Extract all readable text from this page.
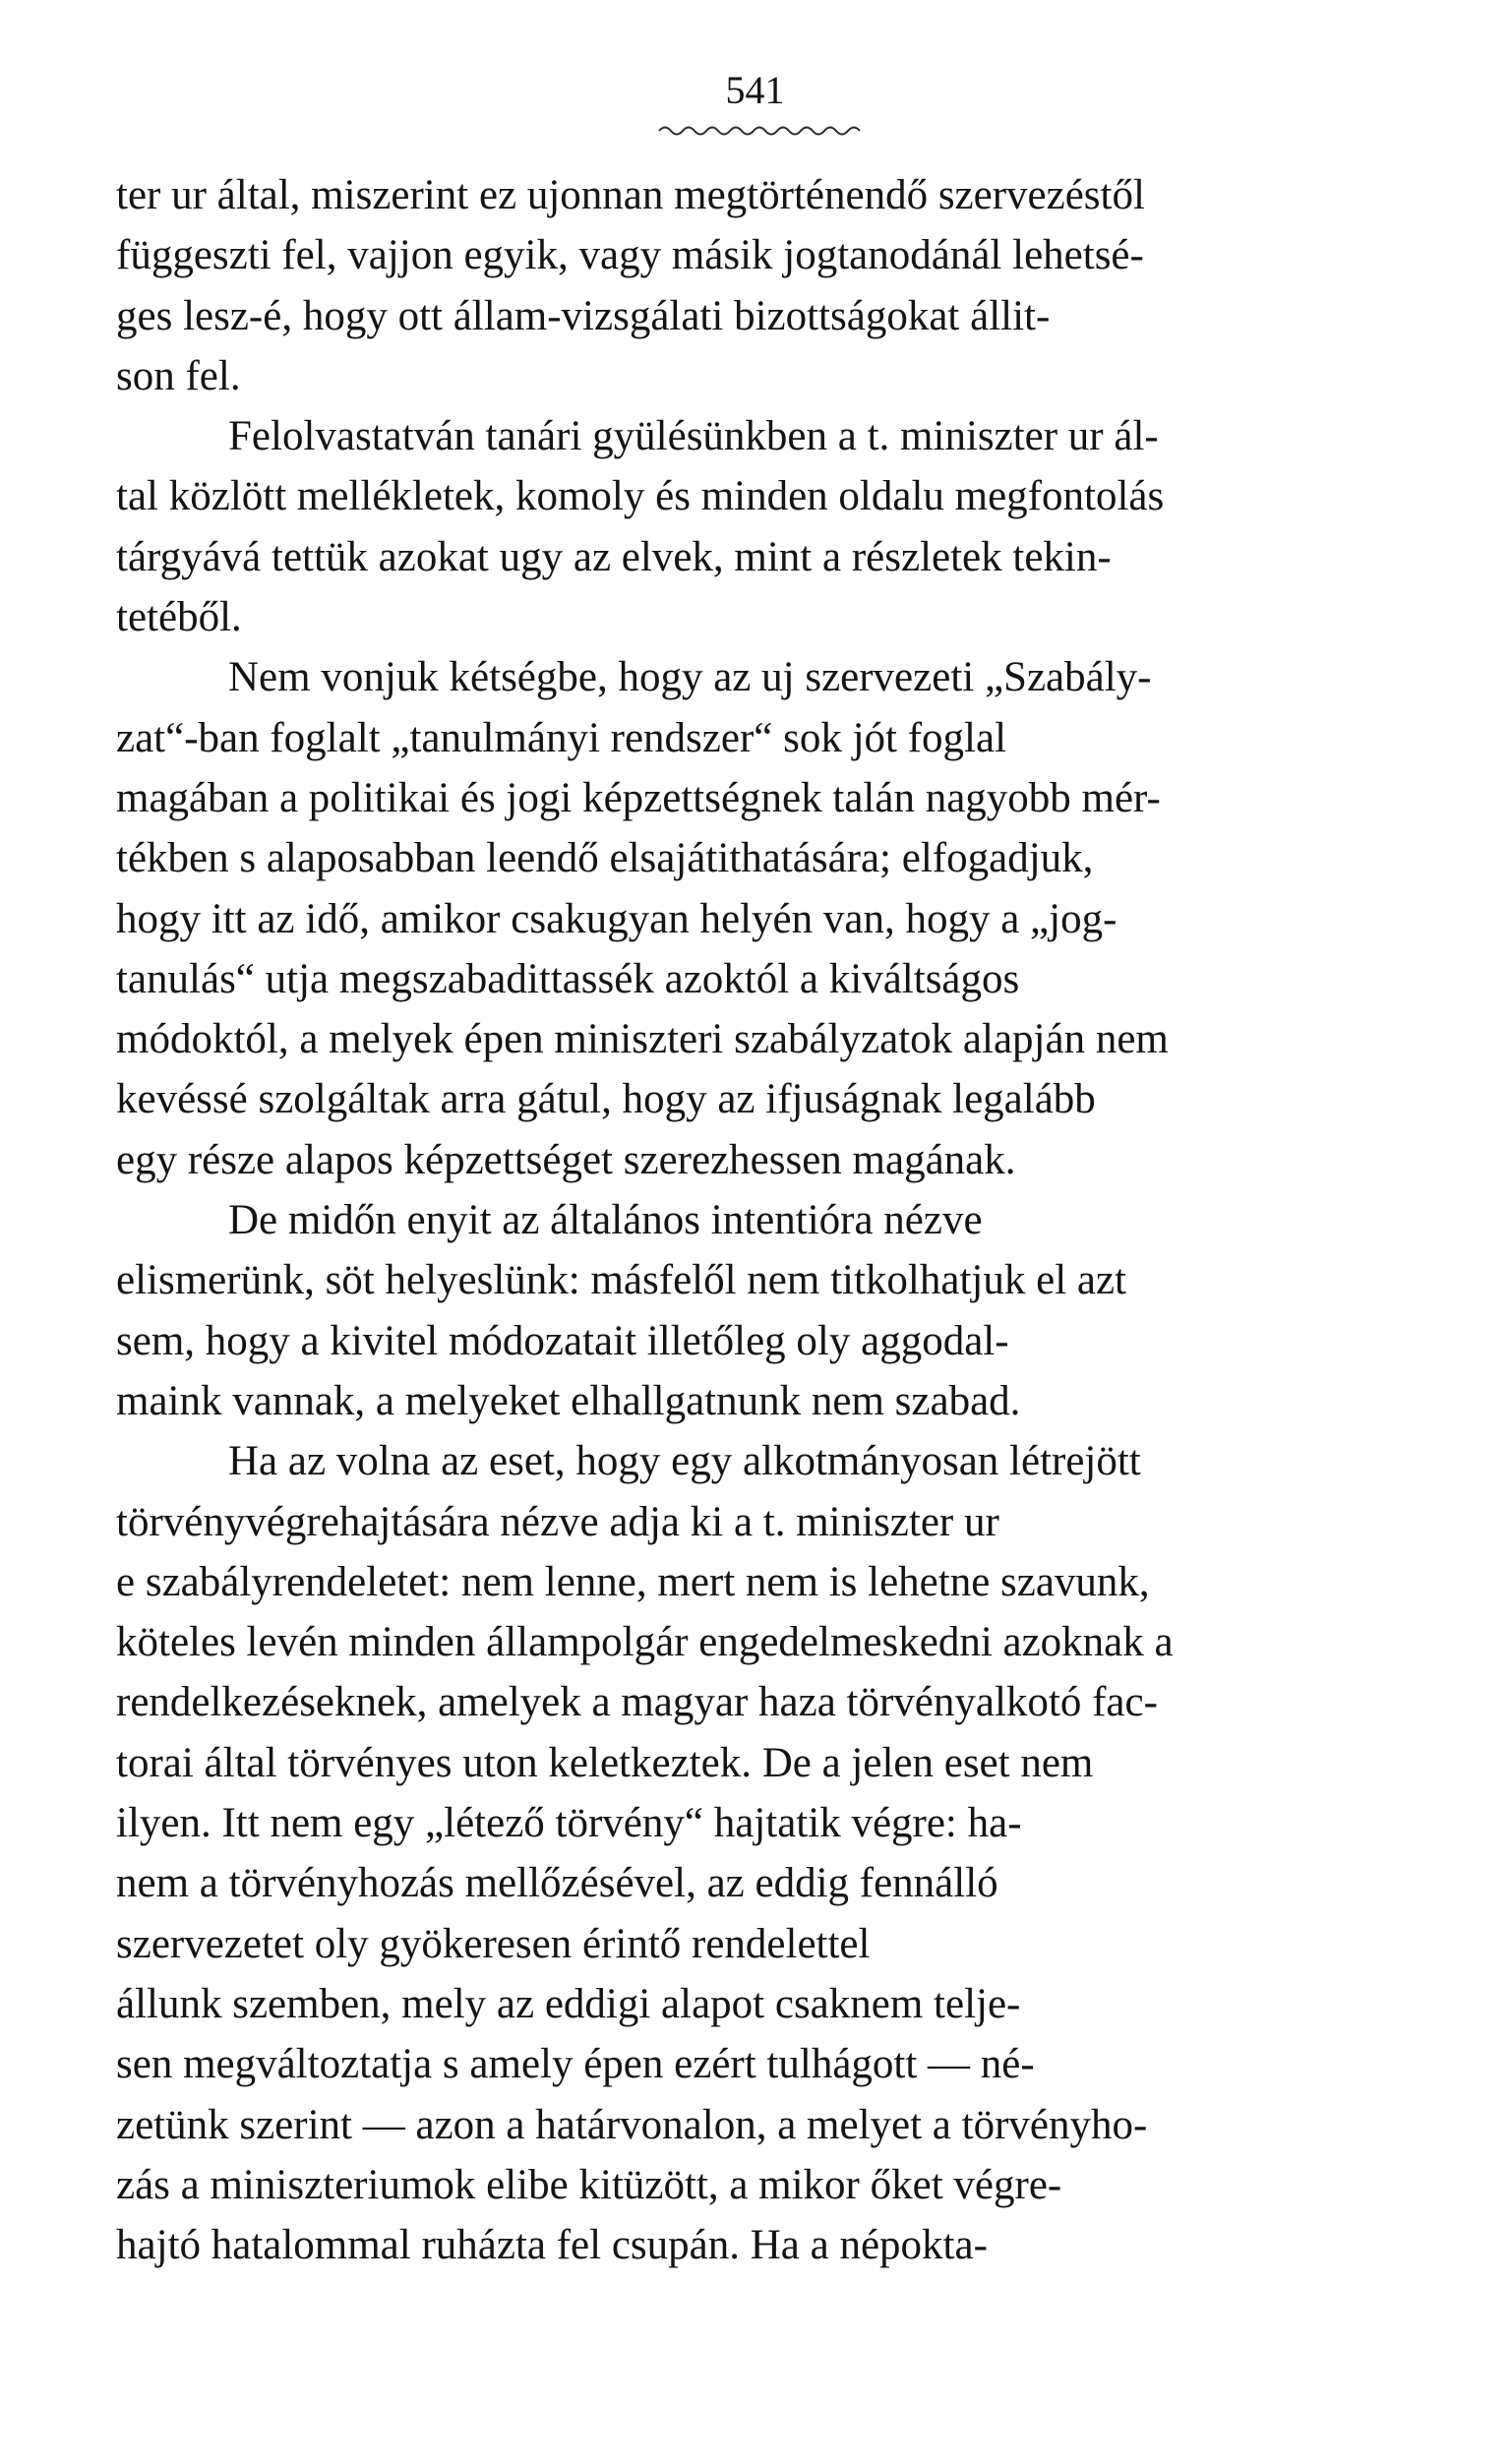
541

ter ur által, miszerint ez ujonnan megtörténendő szervezéstől
függeszti fel, vajjon egyik, vagy másik jogtanodánál lehetsé-
ges lesz-é, hogy ott állam-vizsgálati bizottságokat állit-
son fel.

Felolvastatván tanári gyülésünkben a t. miniszter ur ál-
tal közlött mellékletek, komoly és minden oldalu megfontolás
tárgyává tettük azokat ugy az elvek, mint a részletek tekin-
tetéből.

Nem vonjuk kétségbe, hogy az uj szervezeti „Szabály-
zat“-ban foglalt „tanulmányi rendszer“ sok jót foglal
magában a politikai és jogi képzettségnek talán nagyobb mér-
tékben s alaposabban leendő elsajátithatására; elfogadjuk,
hogy itt az idő, amikor csakugyan helyén van, hogy a „jog-
tanulás“ utja megszabadittassék azoktól a kiváltságos
módoktól, a melyek épen miniszteri szabályzatok alapján nem
kevéssé szolgáltak arra gátul, hogy az ifjuságnak legalább
egy része alapos képzettséget szerezhessen magának.

De midőn enyit az általános intentióra nézve
elismerünk, söt helyeslünk: másfelől nem titkolhatjuk el azt
sem, hogy a kivitel módozatait illetőleg oly aggodal-
maink vannak, a melyeket elhallgatnunk nem szabad.

Ha az volna az eset, hogy egy alkotmányosan létrejött
törvényvégrehajtására nézve adja ki a t. miniszter ur
e szabályrendeletet: nem lenne, mert nem is lehetne szavunk,
köteles levén minden állampolgár engedelmeskedni azoknak a
rendelkezéseknek, amelyek a magyar haza törvényalkotó fac-
torai által törvényes uton keletkeztek. De a jelen eset nem
ilyen. Itt nem egy „létező törvény“ hajtatik végre: ha-
nem a törvényhozás mellőzésével, az eddig fennálló
szervezetet oly gyökeresen érintő rendelettel
állunk szemben, mely az eddigi alapot csaknem telje-
sen megváltoztatja s amely épen ezért tulhágott — né-
zetünk szerint — azon a határvonalon, a melyet a törvényho-
zás a miniszteriumok elibe kitüzött, a mikor őket végre-
hajtó hatalommal ruházta fel csupán. Ha a népokta-
